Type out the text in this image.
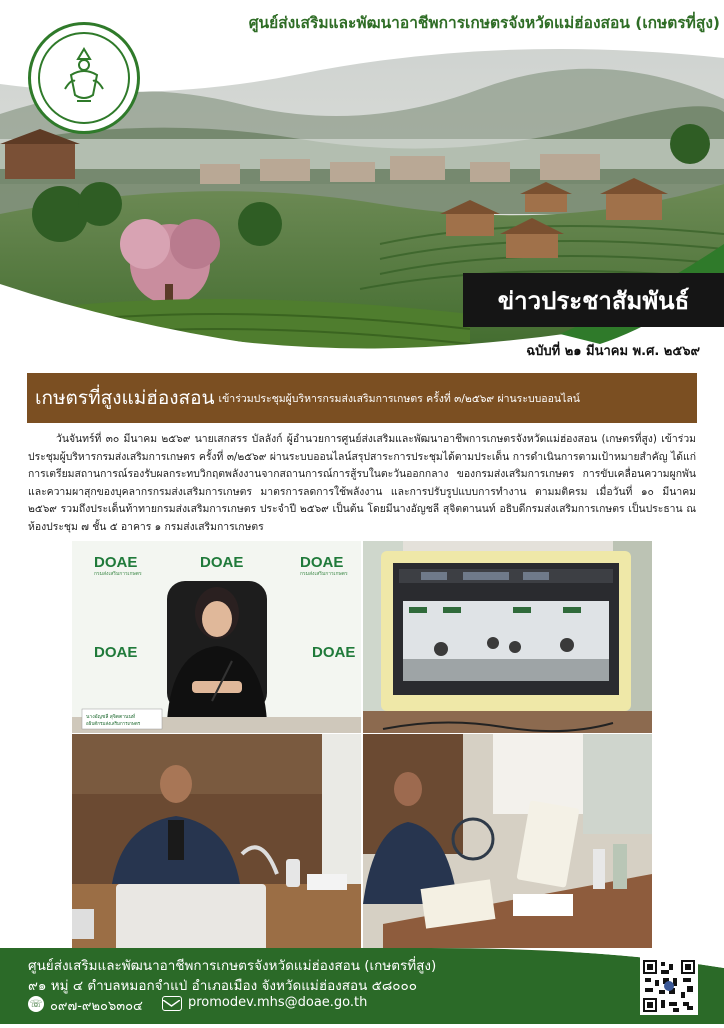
ศูนย์ส่งเสริมและพัฒนาอาชีพการเกษตรจังหวัดแม่ฮ่องสอน (เกษตรที่สูง)
ข่าวประชาสัมพันธ์
ฉบับที่ ๒๑ มีนาคม พ.ศ. ๒๕๖๙
เกษตรที่สูงแม่ฮ่องสอน เข้าร่วมประชุมผู้บริหารกรมส่งเสริมการเกษตร ครั้งที่ ๓/๒๕๖๙ ผ่านระบบออนไลน์
วันจันทร์ที่ ๓๐ มีนาคม ๒๕๖๙ นายเสกสรร บัลลังก์ ผู้อำนวยการศูนย์ส่งเสริมและพัฒนาอาชีพการเกษตรจังหวัดแม่ฮ่องสอน (เกษตรที่สูง) เข้าร่วมประชุมผู้บริหารกรมส่งเสริมการเกษตร ครั้งที่ ๓/๒๕๖๙ ผ่านระบบออนไลน์สรุปสาระการประชุมได้ตามประเด็น การดำเนินการตามเป้าหมายสำคัญ ได้แก่ การเตรียมสถานการณ์รองรับผลกระทบวิกฤตพลังงานจากสถานการณ์การสู้รบในตะวันออกกลาง ของกรมส่งเสริมการเกษตร การขับเคลื่อนความผูกพันและความผาสุกของบุคลากรกรมส่งเสริมการเกษตร มาตรการลดการใช้พลังงาน และการปรับรูปแบบการทำงาน ตามมติครม เมื่อวันที่ ๑๐ มีนาคม ๒๕๖๙ รวมถึงประเด็นท้าทายกรมส่งเสริมการเกษตร ประจำปี ๒๕๖๙ เป็นต้น โดยมีนางอัญชลี สุจิตตานนท์ อธิบดีกรมส่งเสริมการเกษตร เป็นประธาน ณ ห้องประชุม ๗ ชั้น ๕ อาคาร ๑ กรมส่งเสริมการเกษตร
DOAE	DOAE	DOAE
DOAE	DOAE
กรมส่งเสริมการเกษตร	กรมส่งเสริมการเกษตร
นางอัญชลี สุจิตตานนท์
อธิบดีกรมส่งเสริมการเกษตร
ศูนย์ส่งเสริมและพัฒนาอาชีพการเกษตรจังหวัดแม่ฮ่องสอน (เกษตรที่สูง)
๙๑ หมู่ ๔ ตำบลหมอกจำแป่ อำเภอเมือง จังหวัดแม่ฮ่องสอน ๕๘๐๐๐
☏ ๐๙๗-๙๒๐๖๓๐๔	promodev.mhs@doae.go.th
